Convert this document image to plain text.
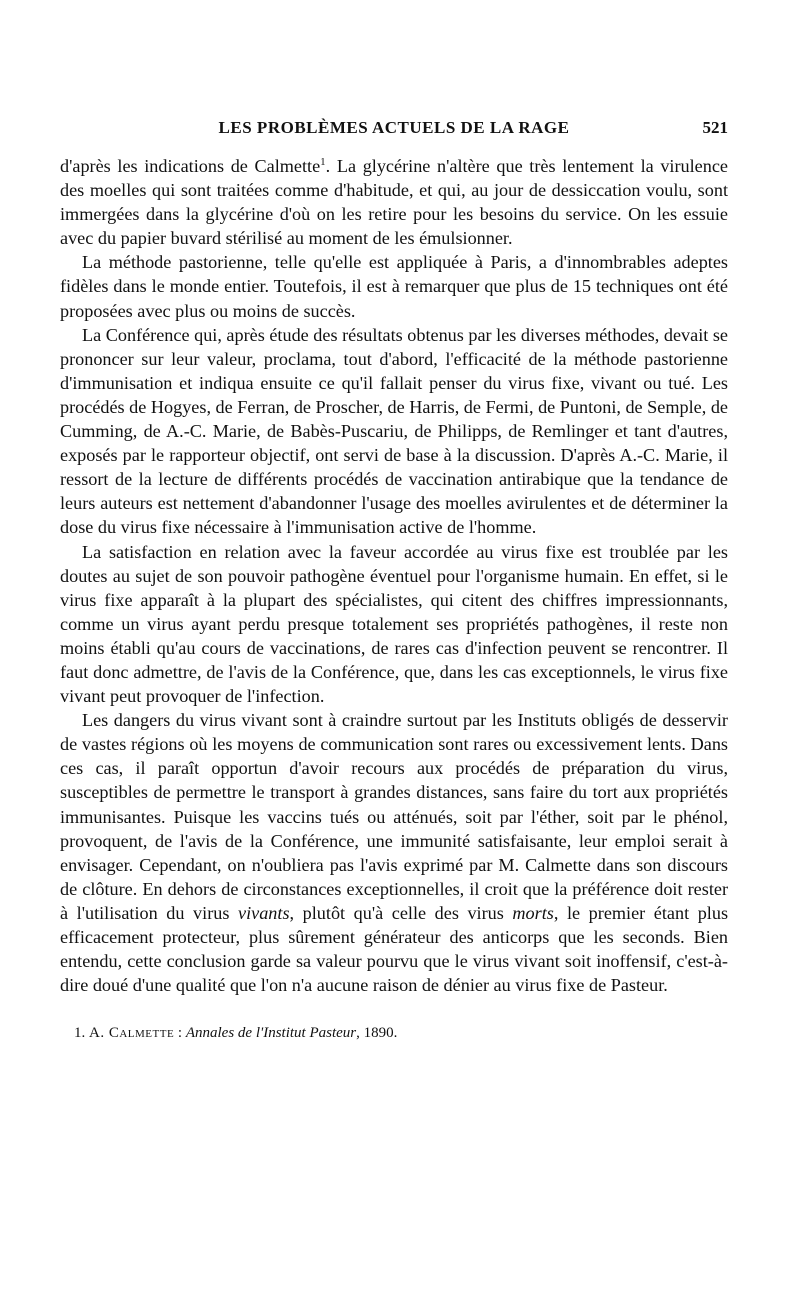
LES PROBLÈMES ACTUELS DE LA RAGE	521

d'après les indications de Calmette$^1$. La glycérine n'altère que très lentement la virulence des moelles qui sont traitées comme d'habitude, et qui, au jour de dessiccation voulu, sont immergées dans la glycérine d'où on les retire pour les besoins du service. On les essuie avec du papier buvard stérilisé au moment de les émulsionner.

La méthode pastorienne, telle qu'elle est appliquée à Paris, a d'innombrables adeptes fidèles dans le monde entier. Toutefois, il est à remarquer que plus de 15 techniques ont été proposées avec plus ou moins de succès.

La Conférence qui, après étude des résultats obtenus par les diverses méthodes, devait se prononcer sur leur valeur, proclama, tout d'abord, l'efficacité de la méthode pastorienne d'immunisation et indiqua ensuite ce qu'il fallait penser du virus fixe, vivant ou tué. Les procédés de Hogyes, de Ferran, de Proscher, de Harris, de Fermi, de Puntoni, de Semple, de Cumming, de A.-C. Marie, de Babès-Puscariu, de Philipps, de Remlinger et tant d'autres, exposés par le rapporteur objectif, ont servi de base à la discussion. D'après A.-C. Marie, il ressort de la lecture de différents procédés de vaccination antirabique que la tendance de leurs auteurs est nettement d'abandonner l'usage des moelles avirulentes et de déterminer la dose du virus fixe nécessaire à l'immunisation active de l'homme.

La satisfaction en relation avec la faveur accordée au virus fixe est troublée par les doutes au sujet de son pouvoir pathogène éventuel pour l'organisme humain. En effet, si le virus fixe apparaît à la plupart des spécialistes, qui citent des chiffres impressionnants, comme un virus ayant perdu presque totalement ses propriétés pathogènes, il reste non moins établi qu'au cours de vaccinations, de rares cas d'infection peuvent se rencontrer. Il faut donc admettre, de l'avis de la Conférence, que, dans les cas exceptionnels, le virus fixe vivant peut provoquer de l'infection.

Les dangers du virus vivant sont à craindre surtout par les Instituts obligés de desservir de vastes régions où les moyens de communication sont rares ou excessivement lents. Dans ces cas, il paraît opportun d'avoir recours aux procédés de préparation du virus, susceptibles de permettre le transport à grandes distances, sans faire du tort aux propriétés immunisantes. Puisque les vaccins tués ou atténués, soit par l'éther, soit par le phénol, provoquent, de l'avis de la Conférence, une immunité satisfaisante, leur emploi serait à envisager. Cependant, on n'oubliera pas l'avis exprimé par M. Calmette dans son discours de clôture. En dehors de circonstances exceptionnelles, il croit que la préférence doit rester à l'utilisation du virus vivants, plutôt qu'à celle des virus morts, le premier étant plus efficacement protecteur, plus sûrement générateur des anticorps que les seconds. Bien entendu, cette conclusion garde sa valeur pourvu que le virus vivant soit inoffensif, c'est-à-dire doué d'une qualité que l'on n'a aucune raison de dénier au virus fixe de Pasteur.

1. A. Calmette : Annales de l'Institut Pasteur, 1890.
